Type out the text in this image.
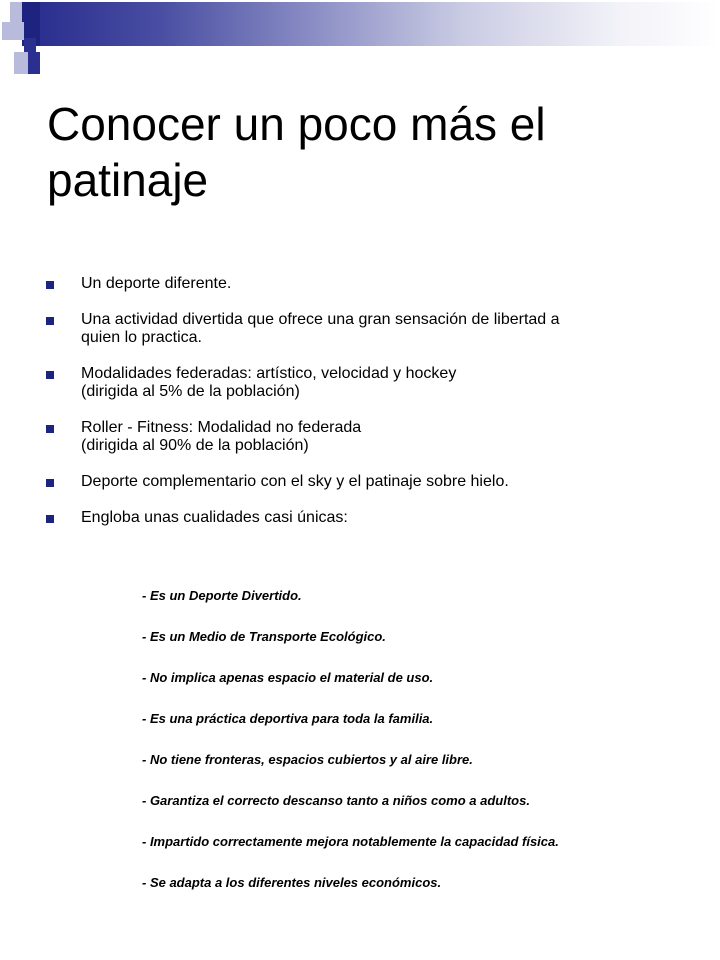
Conocer un poco más el patinaje
Un deporte diferente.
Una actividad divertida que ofrece una gran sensación de libertad a
quien lo practica.
Modalidades federadas: artístico, velocidad y hockey
(dirigida al 5% de la población)
Roller - Fitness: Modalidad no federada
(dirigida al 90% de la población)
Deporte complementario con el sky y el patinaje sobre hielo.
Engloba unas cualidades casi únicas:
- Es un Deporte Divertido.
- Es un Medio de Transporte Ecológico.
- No implica apenas espacio el material de uso.
- Es una práctica deportiva para toda la familia.
- No tiene fronteras, espacios cubiertos y al aire libre.
- Garantiza el correcto descanso tanto a niños como a adultos.
- Impartido correctamente mejora notablemente la capacidad física.
- Se adapta a los diferentes niveles económicos.
